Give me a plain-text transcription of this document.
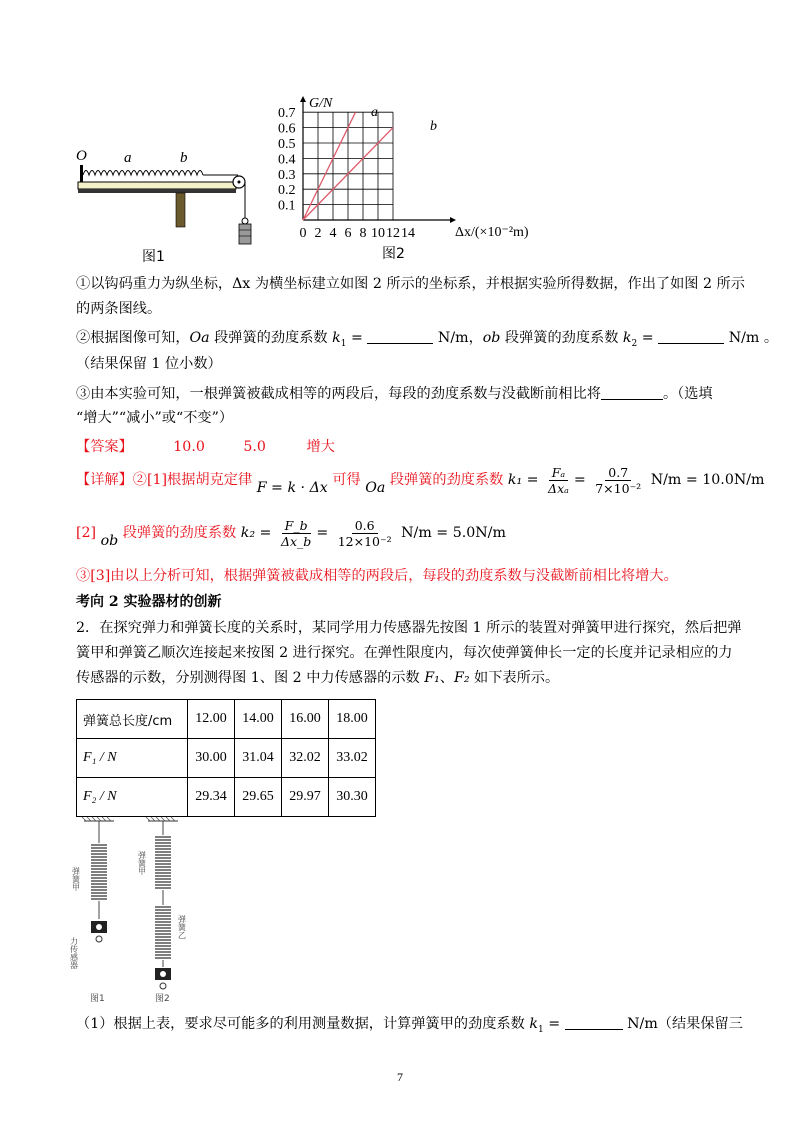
O a	b
图1
0.7
0.6
0.5
0.4
0.3
0.2
0.1
0 2 4 6 8 10 12 14
G/N
Δx/(×10⁻²m)
a
b
图2
①以钩码重力为纵坐标，Δx 为横坐标建立如图 2 所示的坐标系，并根据实验所得数据，作出了如图 2 所示
的两条图线。
②根据图像可知，Oa 段弹簧的劲度系数 $k_1$ =	N/m，ob 段弹簧的劲度系数 $k_2$ =	N/m 。
（结果保留 1 位小数）
③由本实验可知，一根弹簧被截成相等的两段后，每段的劲度系数与没截断前相比将	。（选填
“增大”“减小”或“不变”）
【答案】	10.0	5.0	增大
【详解】②[1]根据胡克定律 F = k · Δx 可得 Oa 段弹簧的劲度系数 $k_1 = \frac{\text{Fₐ}}{\text{Δxₐ}} = \frac{0.7}{\text{7×10⁻²}} N/m = 10.0N/m$
[2] ob 段弹簧的劲度系数 $k_2 = \frac{F\_b}{\Delta x\_b} = \frac{0.6}{\text{12×10⁻²}} N/m = 5.0N/m$
③[3]由以上分析可知，根据弹簧被截成相等的两段后，每段的劲度系数与没截断前相比将增大。
考向 2 实验器材的创新
2．在探究弹力和弹簧长度的关系时，某同学用力传感器先按图 1 所示的装置对弹簧甲进行探究，然后把弹
簧甲和弹簧乙顺次连接起来按图 2 进行探究。在弹性限度内，每次使弹簧伸长一定的长度并记录相应的力
传感器的示数，分别测得图 1、图 2 中力传感器的示数 F₁、F₂ 如下表所示。
弹簧总长度/cm	12.00	14.00	16.00	18.00
F₁ / N	30.00	31.04	32.02	33.02
F₂ / N	29.34	29.65	29.97	30.30
弹簧甲
力传感器
弹簧甲
弹簧乙
图1	图2
（1）根据上表，要求尽可能多的利用测量数据，计算弹簧甲的劲度系数 $k_1$ =	N/m（结果保留三
7
